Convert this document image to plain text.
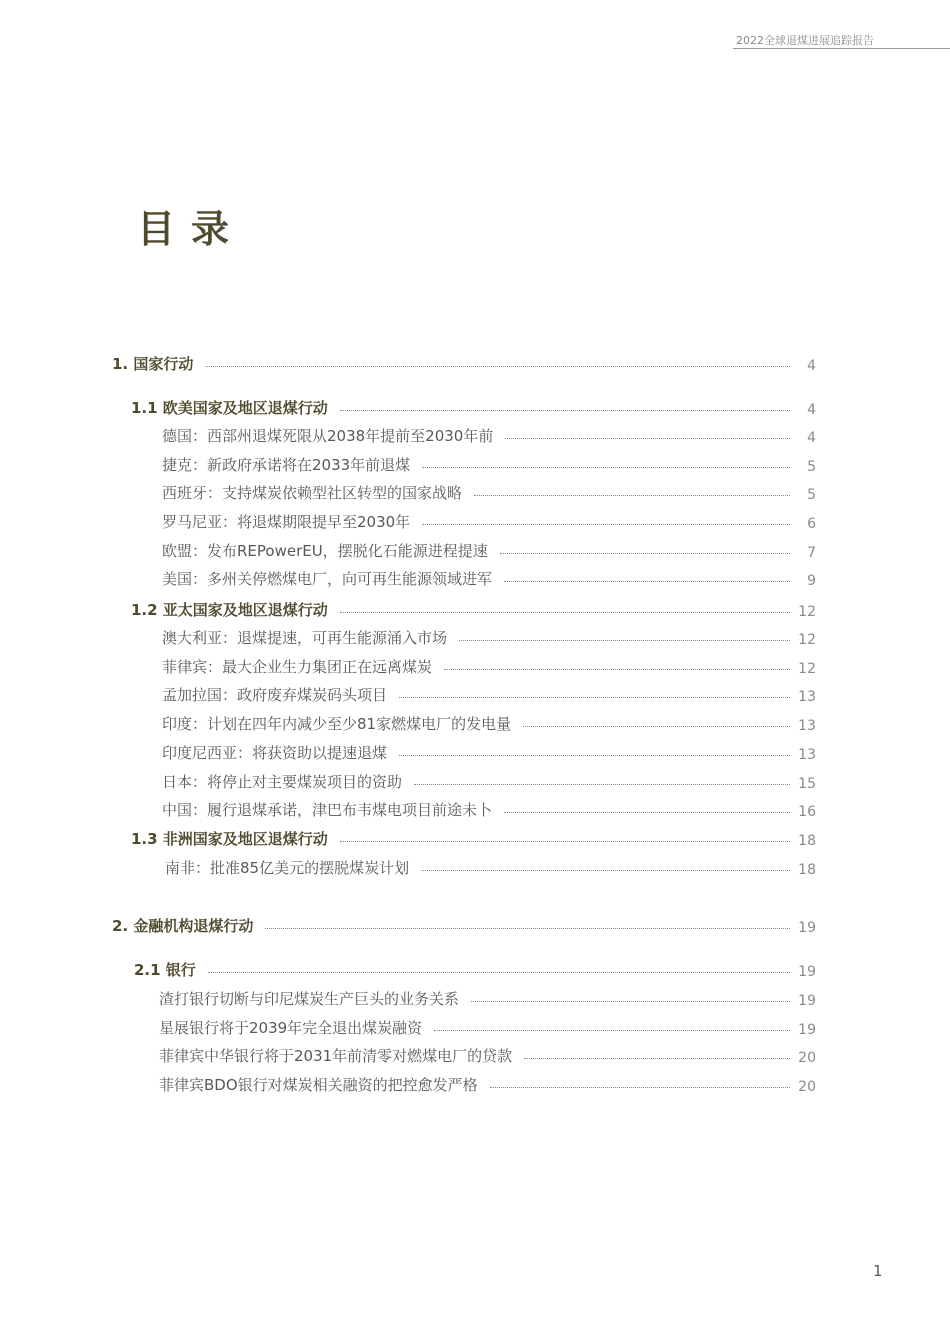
2022全球退煤进展追踪报告
目录
1. 国家行动	4
1.1 欧美国家及地区退煤行动	4
德国：西部州退煤死限从2038年提前至2030年前	4
捷克：新政府承诺将在2033年前退煤	5
西班牙：支持煤炭依赖型社区转型的国家战略	5
罗马尼亚：将退煤期限提早至2030年	6
欧盟：发布REPowerEU，摆脱化石能源进程提速	7
美国：多州关停燃煤电厂，向可再生能源领域进军	9
1.2 亚太国家及地区退煤行动	12
澳大利亚：退煤提速，可再生能源涌入市场	12
菲律宾：最大企业生力集团正在远离煤炭	12
孟加拉国：政府废弃煤炭码头项目	13
印度：计划在四年内减少至少81家燃煤电厂的发电量	13
印度尼西亚：将获资助以提速退煤	13
日本：将停止对主要煤炭项目的资助	15
中国：履行退煤承诺，津巴布韦煤电项目前途未卜	16
1.3 非洲国家及地区退煤行动	18
南非：批准85亿美元的摆脱煤炭计划	18
2. 金融机构退煤行动	19
2.1 银行	19
渣打银行切断与印尼煤炭生产巨头的业务关系	19
星展银行将于2039年完全退出煤炭融资	19
菲律宾中华银行将于2031年前清零对燃煤电厂的贷款	20
菲律宾BDO银行对煤炭相关融资的把控愈发严格	20
1
